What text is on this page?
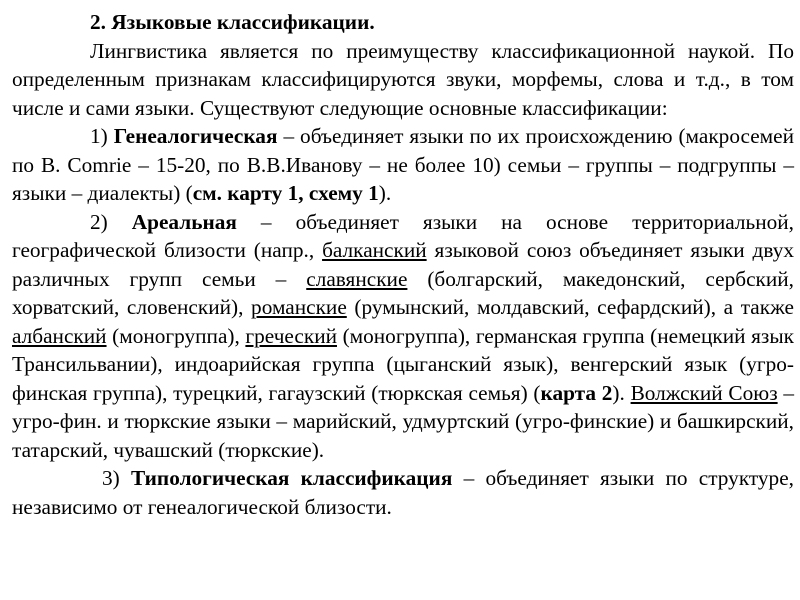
2. Языковые классификации.

Лингвистика является по преимуществу классификационной наукой. По определенным признакам классифицируются звуки, морфемы, слова и т.д., в том числе и сами языки. Существуют следующие основные классификации:

1) Генеалогическая – объединяет языки по их происхождению (макросемей по B. Comrie – 15-20, по В.В.Иванову – не более 10) семьи – группы – подгруппы – языки – диалекты) (см. карту 1, схему 1).

2) Ареальная – объединяет языки на основе территориальной, географической близости (напр., балканский языковой союз объединяет языки двух различных групп семьи – славянские (болгарский, македонский, сербский, хорватский, словенский), романские (румынский, молдавский, сефардский), а также албанский (моногруппа), греческий (моногруппа), германская группа (немецкий язык Трансильвании), индоарийская группа (цыганский язык), венгерский язык (угро-финская группа), турецкий, гагаузский (тюркская семья) (карта 2). Волжский Союз – угро-фин. и тюркские языки – марийский, удмуртский (угро-финские) и башкирский, татарский, чувашский (тюркские).

3) Типологическая классификация – объединяет языки по структуре, независимо от генеалогической близости.
